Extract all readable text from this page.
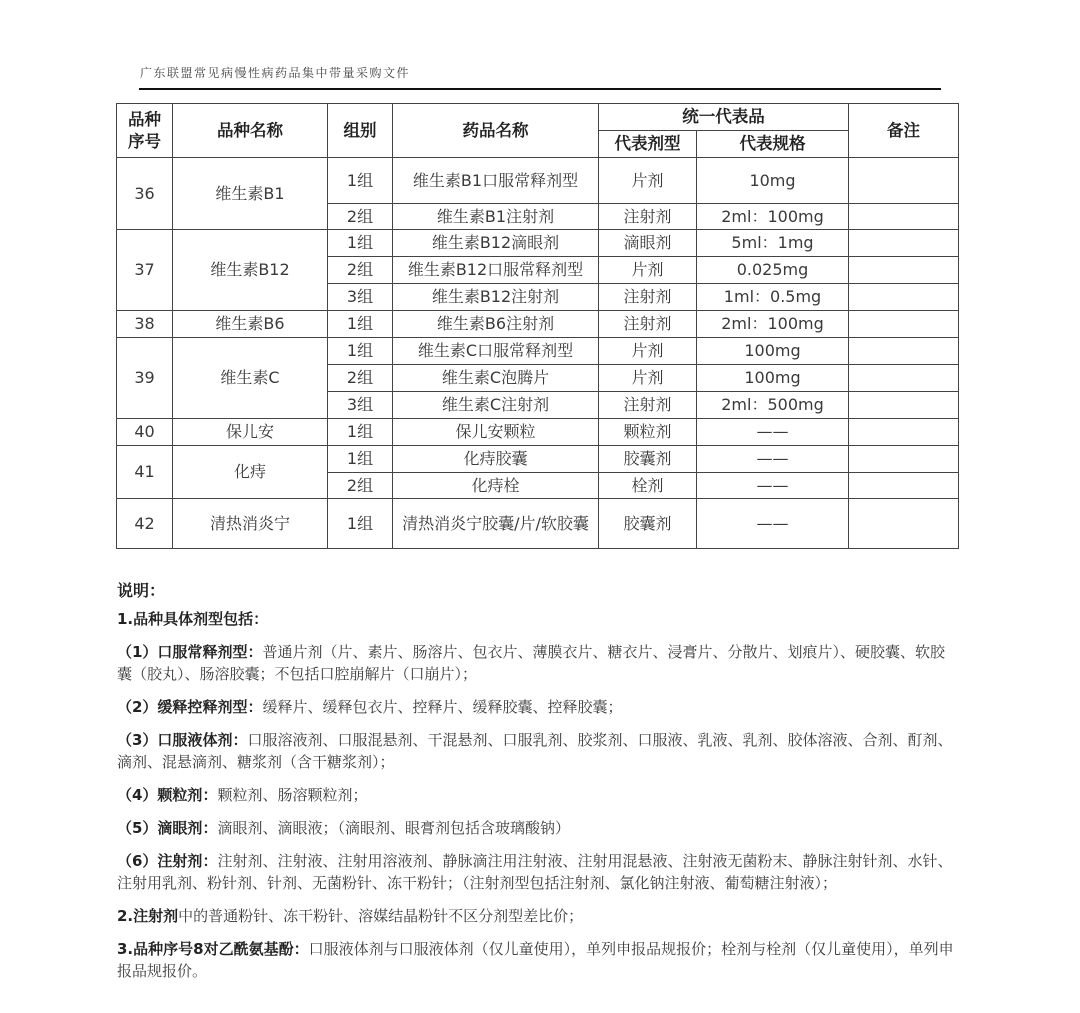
广东联盟常见病慢性病药品集中带量采购文件
品种序号	品种名称	组别	药品名称	统一代表品		备注
				代表剂型	代表规格	
36	维生素B1	1组	维生素B1口服常释剂型	片剂	10mg	
		2组	维生素B1注射剂	注射剂	2ml：100mg	
37	维生素B12	1组	维生素B12滴眼剂	滴眼剂	5ml：1mg	
		2组	维生素B12口服常释剂型	片剂	0.025mg	
		3组	维生素B12注射剂	注射剂	1ml：0.5mg	
38	维生素B6	1组	维生素B6注射剂	注射剂	2ml：100mg	
39	维生素C	1组	维生素C口服常释剂型	片剂	100mg	
		2组	维生素C泡腾片	片剂	100mg	
		3组	维生素C注射剂	注射剂	2ml：500mg	
40	保儿安	1组	保儿安颗粒	颗粒剂	——	
41	化痔	1组	化痔胶囊	胶囊剂	——	
		2组	化痔栓	栓剂	——	
42	清热消炎宁	1组	清热消炎宁胶囊/片/软胶囊	胶囊剂	——	
说明：
1.品种具体剂型包括：

（1）口服常释剂型：普通片剂（片、素片、肠溶片、包衣片、薄膜衣片、糖衣片、浸膏片、分散片、划痕片）、硬胶囊、软胶囊（胶丸）、肠溶胶囊；不包括口腔崩解片（口崩片）；

（2）缓释控释剂型：缓释片、缓释包衣片、控释片、缓释胶囊、控释胶囊；

（3）口服液体剂：口服溶液剂、口服混悬剂、干混悬剂、口服乳剂、胶浆剂、口服液、乳液、乳剂、胶体溶液、合剂、酊剂、滴剂、混悬滴剂、糖浆剂（含干糖浆剂）；

（4）颗粒剂：颗粒剂、肠溶颗粒剂；

（5）滴眼剂：滴眼剂、滴眼液；（滴眼剂、眼膏剂包括含玻璃酸钠）

（6）注射剂：注射剂、注射液、注射用溶液剂、静脉滴注用注射液、注射用混悬液、注射液无菌粉末、静脉注射针剂、水针、注射用乳剂、粉针剂、针剂、无菌粉针、冻干粉针；（注射剂型包括注射剂、氯化钠注射液、葡萄糖注射液）；

2.注射剂中的普通粉针、冻干粉针、溶媒结晶粉针不区分剂型差比价；

3.品种序号8对乙酰氨基酚：口服液体剂与口服液体剂（仅儿童使用），单列申报品规报价；栓剂与栓剂（仅儿童使用），单列申报品规报价。
